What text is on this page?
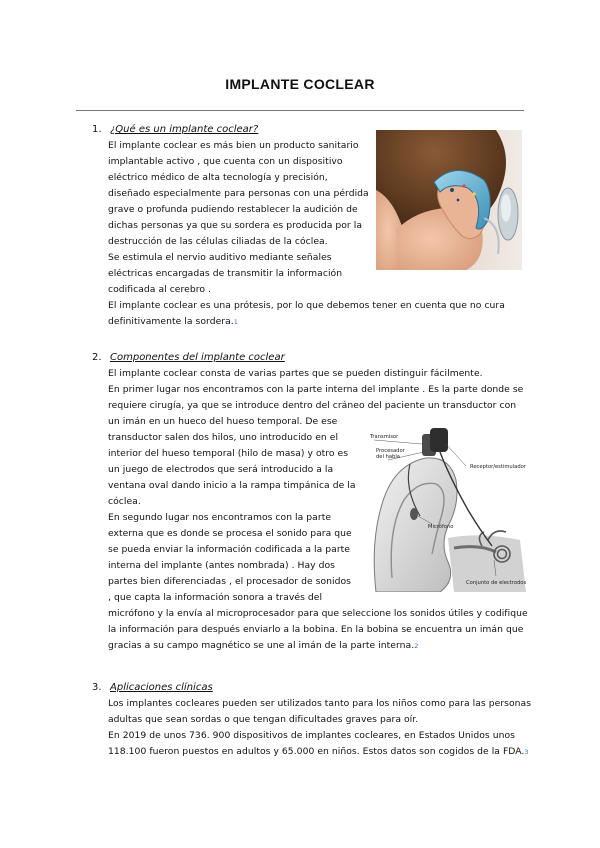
IMPLANTE COCLEAR
1. ¿Qué es un implante coclear?
El implante coclear es más bien un producto sanitario
implantable activo , que cuenta con un dispositivo
eléctrico médico de alta tecnología y precisión,
diseñado especialmente para personas con una pérdida
grave o profunda pudiendo restablecer la audición de
dichas personas ya que su sordera es producida por la
destrucción de las células ciliadas de la cóclea.
Se estimula el nervio auditivo mediante señales
eléctricas encargadas de transmitir la información
codificada al cerebro .
El implante coclear es una prótesis, por lo que debemos tener en cuenta que no cura
definitivamente la sordera.1
2. Componentes del implante coclear
El implante coclear consta de varias partes que se pueden distinguir fácilmente.
En primer lugar nos encontramos con la parte interna del implante . Es la parte donde se
requiere cirugía, ya que se introduce dentro del cráneo del paciente un transductor con
un imán en un hueco del hueso temporal. De ese
transductor salen dos hilos, uno introducido en el
interior del hueso temporal (hilo de masa) y otro es
un juego de electrodos que será introducido a la
ventana oval dando inicio a la rampa timpánica de la
cóclea.
En segundo lugar nos encontramos con la parte
externa que es donde se procesa el sonido para que
se pueda enviar la información codificada a la parte
interna del implante (antes nombrada) . Hay dos
partes bien diferenciadas , el procesador de sonidos
, que capta la información sonora a través del
micrófono y la envía al microprocesador para que seleccione los sonidos útiles y codifique
la información para después enviarlo a la bobina. En la bobina se encuentra un imán que
gracias a su campo magnético se une al imán de la parte interna.2
Transmisor
Procesador
del habla
Receptor/estimulador
Micrófono
Conjunto de electrodos
3. Aplicaciones clínicas
Los implantes cocleares pueden ser utilizados tanto para los niños como para las personas
adultas que sean sordas o que tengan dificultades graves para oír.
En 2019 de unos 736. 900 dispositivos de implantes cocleares, en Estados Unidos unos
118.100 fueron puestos en adultos y 65.000 en niños. Estos datos son cogidos de la FDA.3
